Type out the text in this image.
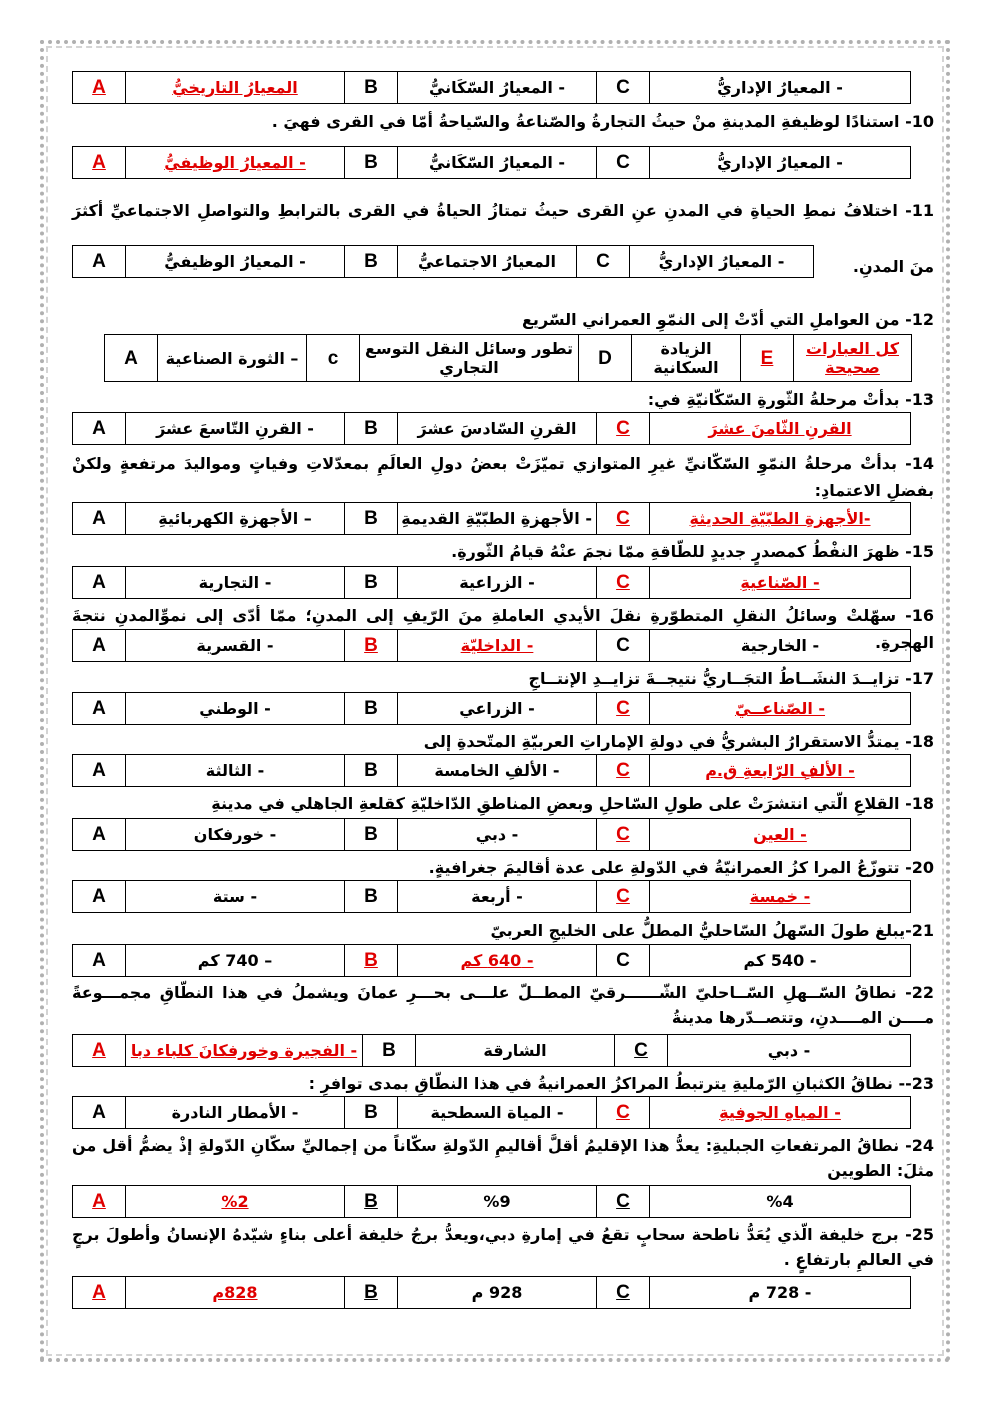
A	المعيارُ التاريخيُّ	B	- المعيارُ السّكَانيُّ	C	- المعيارُ الإداريُّ
10- استنادًا لوظيفةِ المدينةِ منْ حيثُ التجارةُ والصّناعةُ والسّياحةُ أمّا في القرى فهيَ .
A	- المعيارُ الوظيفيُّ	B	- المعيارُ السّكَانيُّ	C	- المعيارُ الإداريُّ
11- اختلافُ نمطِ الحياةِ في المدنِ عنِ القرى حيثُ تمتازُ الحياةُ في القرى بالترابطِ والتواصلِ الاجتماعيِّ أكثرَ منَ المدنِ.
A	- المعيارُ الوظيفيُّ	B	المعيارُ الاجتماعيُّ	C	- المعيارُ الإداريُّ
12- من العواملِ التي أدّتْ إلى النمّوِ العمراني السّريع
A	– الثورة الصناعية	c	تطور وسائل النقل التوسع التجاري	D	الزيادة السكانية	E	كل العبارات صحيحة
13- بدأتْ مرحلةُ الثّورةِ السّكّانيّةِ في:
A	- القرنِ التّاسعَ عشرَ	B	القرنِ السّادسَ عشرَ	C	القرنِ الثّامنَ عشرَ
14- بدأتْ مرحلةُ النمّوِ السّكّانيِّ غيرِ المتوازي تميّزَتْ بعضُ دولِ العالَمِ بمعدّلاتِ وفياتٍ ومواليدَ مرتفعةٍ ولكنْ بفضلِ الاعتمادِ:
A	– الأجهزةِ الكهربائيةِ	B	- الأجهزةِ الطبّيّةِ القديمةِ	C	-الأجهزةِ الطبّيّةِ الحديثةِ
15- ظهرَ النفْطُ كمصدرٍ جديدٍ للطّاقةِ ممّا نجمَ عنْهُ قيامُ الثّورةِ.
A	- التجارية	B	- الزراعية	C	- الصّناعيةِ
16- سهّلتْ وسائلُ النقلِ المتطوّرةِ نقلَ الأيدي العاملةِ منَ الرّيفِ إلى المدنِ؛ ممّا أدّى إلى نموِّالمدنِ نتجةَ الهجرةِ.
A	- القسرية	B	- الداخليّة	C	- الخارجية
17- تزايــدَ النشَــاطُ التجَــاريُّ نتيجــةَ تزايــدِ الإنتــاجِ
A	- الوطني	B	- الزراعي	C	- الصّناعــيّ
18- يمتدُّ الاستقرارُ البشريُّ في دولةِ الإماراتِ العربيّةِ المتّحدةِ إلى
A	- الثالثة	B	- الألفِ الخامسة	C	- الألفِ الرّابعةِ ق.م
18- القلاعِ الّتي انتشرَتْ على طولِ السّاحلِ وبعضِ المناطقِ الدّاخليّةِ كقلعةِ الجاهلي في مدينةِ
A	- خورفكان	B	- دبي	C	- العين
20- تتوزّعُ المرا كزُ العمرانيّةُ في الدّولةِ على عدة أقاليمَ جغرافيةٍ.
A	- ستة	B	- أربعة	C	- خمسة
21-يبلغ طولَ السّهلُ السّاحليُّ المطلُّ على الخليجِ العربيّ
A	– 740 كم	B	- 640 كم	C	- 540 كم
22- نطاقُ السّــهلِ السّــاحليّ الشّــــــرقيّ المطــلّ علـــى بحـــرِ عمانَ ويشملُ في هذا النطّاقِ مجمـــوعةً مــــن المــــدنِ، وتتصــدّرها مدينةُ
A	- الفجيرة وخورفكانَ كلباء دبا	B	الشارقة	C	- دبي
23-- نطاقُ الكثبانِ الرّمليةِ يترتبطُ المراكزُ العمرانيةُ في هذا النطّاقِ بمدى توافرِ :
A	- الأمطار النادرة	B	- المياة السطحية	C	- المياهِ الجوفيةِ
24- نطاقُ المرتفعاتِ الجبليةِ: يعدُّ هذا الإقليمُ أقلَّ أقاليمِ الدّولةِ سكّاناً من إجماليِّ سكّانِ الدّولةِ إذْ يضمُّ أقل من مثلَ: الطويين
A	%2	B	%9	C	%4
25- برج خليفة الّذي يُعَدُّ ناطحة سحابٍ تقعُ في إمارةِ دبي،ويعدُّ برجُ خليفة أعلى بناءٍ شيّدهُ الإنسانُ وأطولَ برجٍ في العالمِ بارتفاعٍ .
A	828م	B	928 م	C	- 728 م
